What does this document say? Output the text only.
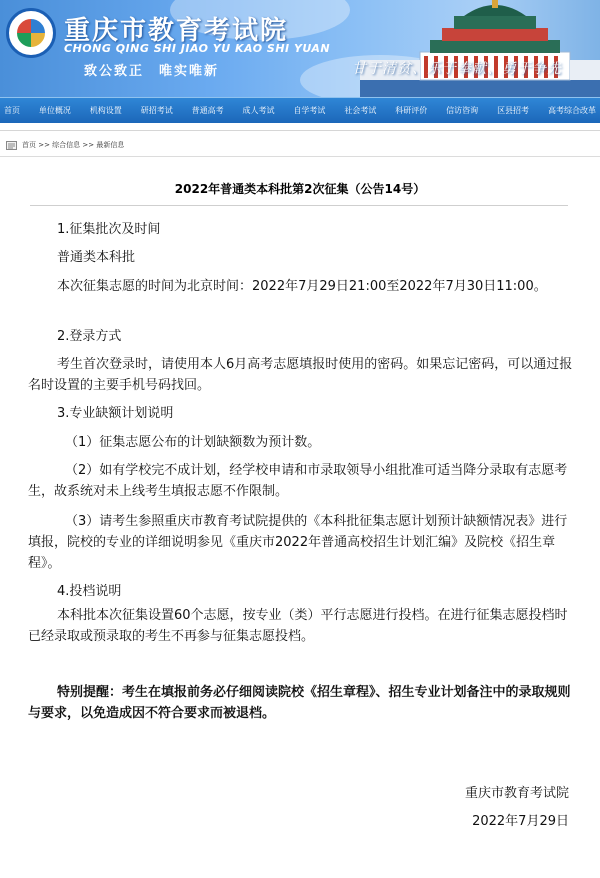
重庆市教育考试院
CHONG QING SHI JIAO YU KAO SHI YUAN
致公致正　唯实唯新	甘于清贫、乐于奉献、勇于争先
首页 单位概况 机构设置 研招考试 普通高考 成人考试 自学考试 社会考试 科研评价 信访咨询 区县招考 高考综合改革
首页 >> 综合信息 >> 最新信息
2022年普通类本科批第2次征集（公告14号）
1.征集批次及时间
普通类本科批
本次征集志愿的时间为北京时间：2022年7月29日21:00至2022年7月30日11:00。
2.登录方式
考生首次登录时，请使用本人6月高考志愿填报时使用的密码。如果忘记密码，可以通过报名时设置的主要手机号码找回。
3.专业缺额计划说明
（1）征集志愿公布的计划缺额数为预计数。
（2）如有学校完不成计划，经学校申请和市录取领导小组批准可适当降分录取有志愿考生，故系统对未上线考生填报志愿不作限制。
（3）请考生参照重庆市教育考试院提供的《本科批征集志愿计划预计缺额情况表》进行填报，院校的专业的详细说明参见《重庆市2022年普通高校招生计划汇编》及院校《招生章程》。
4.投档说明
本科批本次征集设置60个志愿，按专业（类）平行志愿进行投档。在进行征集志愿投档时已经录取或预录取的考生不再参与征集志愿投档。
特别提醒：考生在填报前务必仔细阅读院校《招生章程》、招生专业计划备注中的录取规则与要求，以免造成因不符合要求而被退档。
重庆市教育考试院
2022年7月29日
